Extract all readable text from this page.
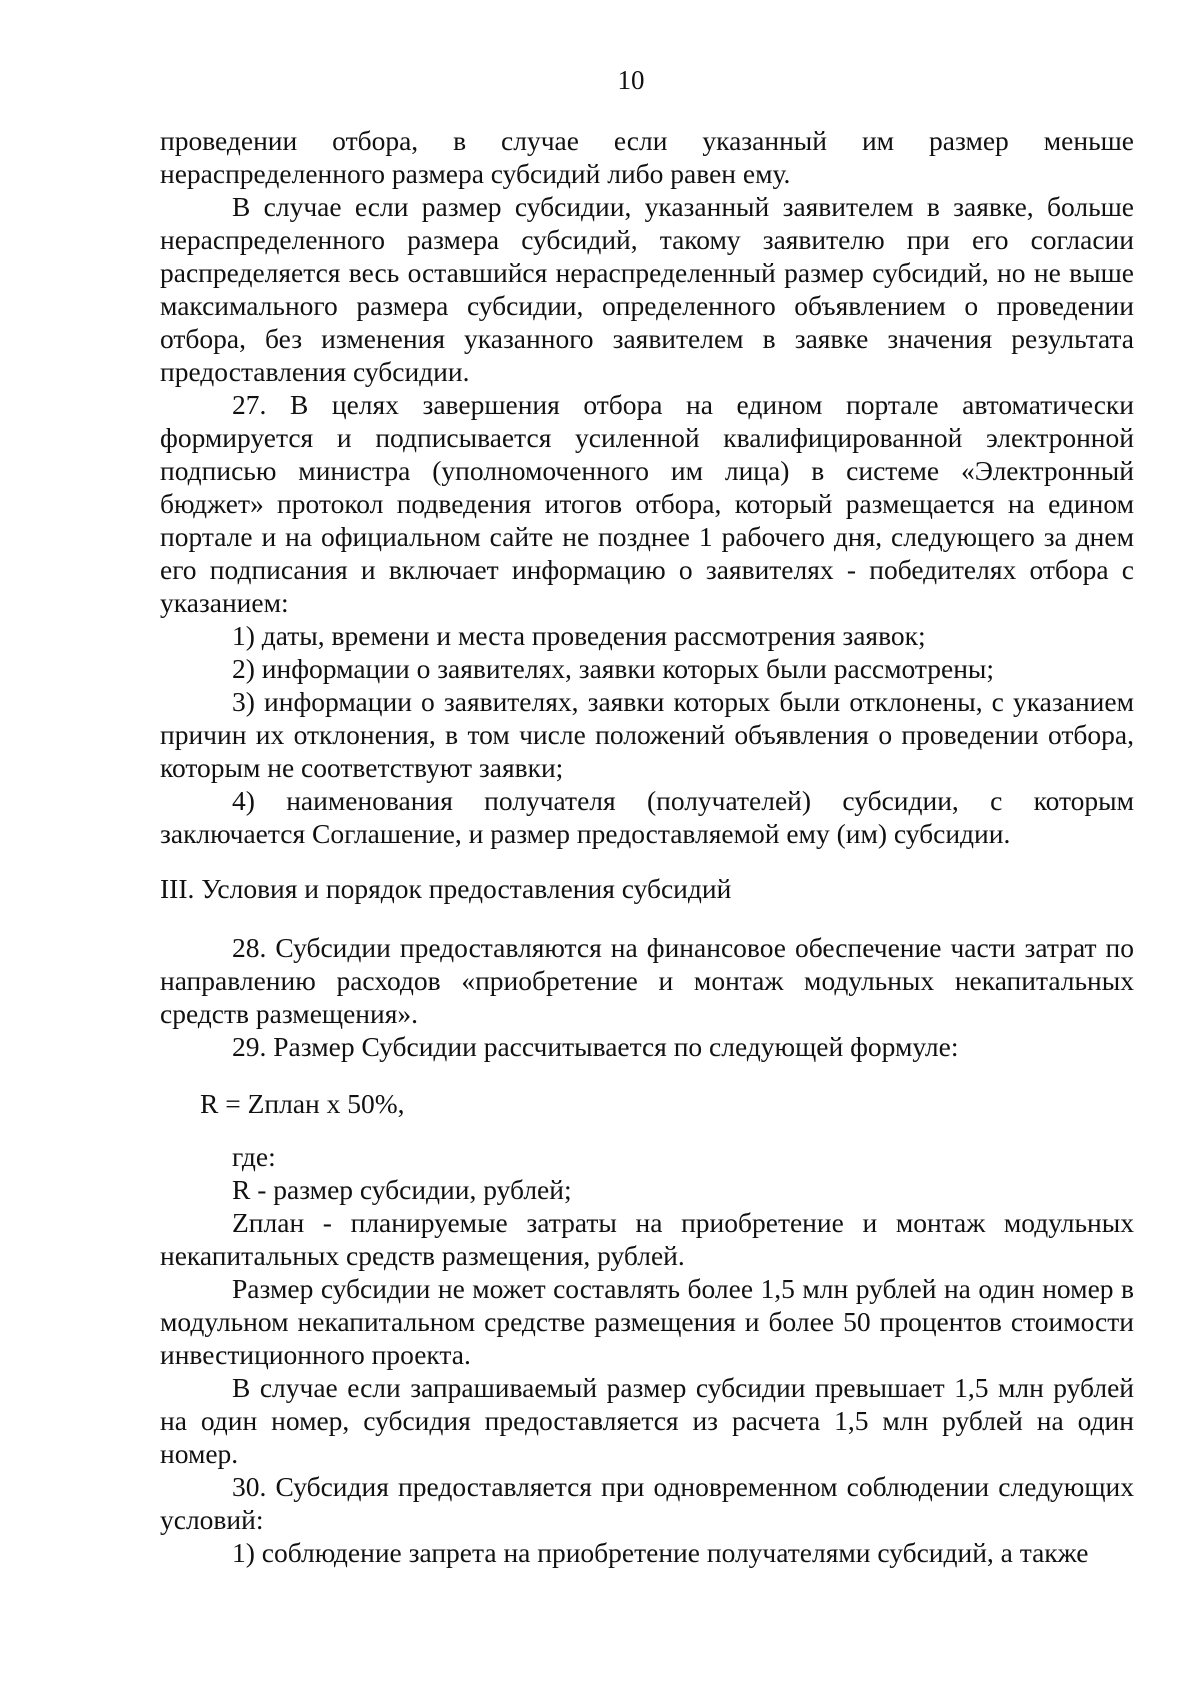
10

проведении отбора, в случае если указанный им размер меньше нераспределенного размера субсидий либо равен ему.

В случае если размер субсидии, указанный заявителем в заявке, больше нераспределенного размера субсидий, такому заявителю при его согласии распределяется весь оставшийся нераспределенный размер субсидий, но не выше максимального размера субсидии, определенного объявлением о проведении отбора, без изменения указанного заявителем в заявке значения результата предоставления субсидии.

27. В целях завершения отбора на едином портале автоматически формируется и подписывается усиленной квалифицированной электронной подписью министра (уполномоченного им лица) в системе «Электронный бюджет» протокол подведения итогов отбора, который размещается на едином портале и на официальном сайте не позднее 1 рабочего дня, следующего за днем его подписания и включает информацию о заявителях - победителях отбора с указанием:

1) даты, времени и места проведения рассмотрения заявок;

2) информации о заявителях, заявки которых были рассмотрены;

3) информации о заявителях, заявки которых были отклонены, с указанием причин их отклонения, в том числе положений объявления о проведении отбора, которым не соответствуют заявки;

4) наименования получателя (получателей) субсидии, с которым заключается Соглашение, и размер предоставляемой ему (им) субсидии.

III. Условия и порядок предоставления субсидий

28. Субсидии предоставляются на финансовое обеспечение части затрат по направлению расходов «приобретение и монтаж модульных некапитальных средств размещения».

29. Размер Субсидии рассчитывается по следующей формуле:

R = Zплан x 50%,

где:

R - размер субсидии, рублей;

Zплан - планируемые затраты на приобретение и монтаж модульных некапитальных средств размещения, рублей.

Размер субсидии не может составлять более 1,5 млн рублей на один номер в модульном некапитальном средстве размещения и более 50 процентов стоимости инвестиционного проекта.

В случае если запрашиваемый размер субсидии превышает 1,5 млн рублей на один номер, субсидия предоставляется из расчета 1,5 млн рублей на один номер.

30. Субсидия предоставляется при одновременном соблюдении следующих условий:

1) соблюдение запрета на приобретение получателями субсидий, а также
